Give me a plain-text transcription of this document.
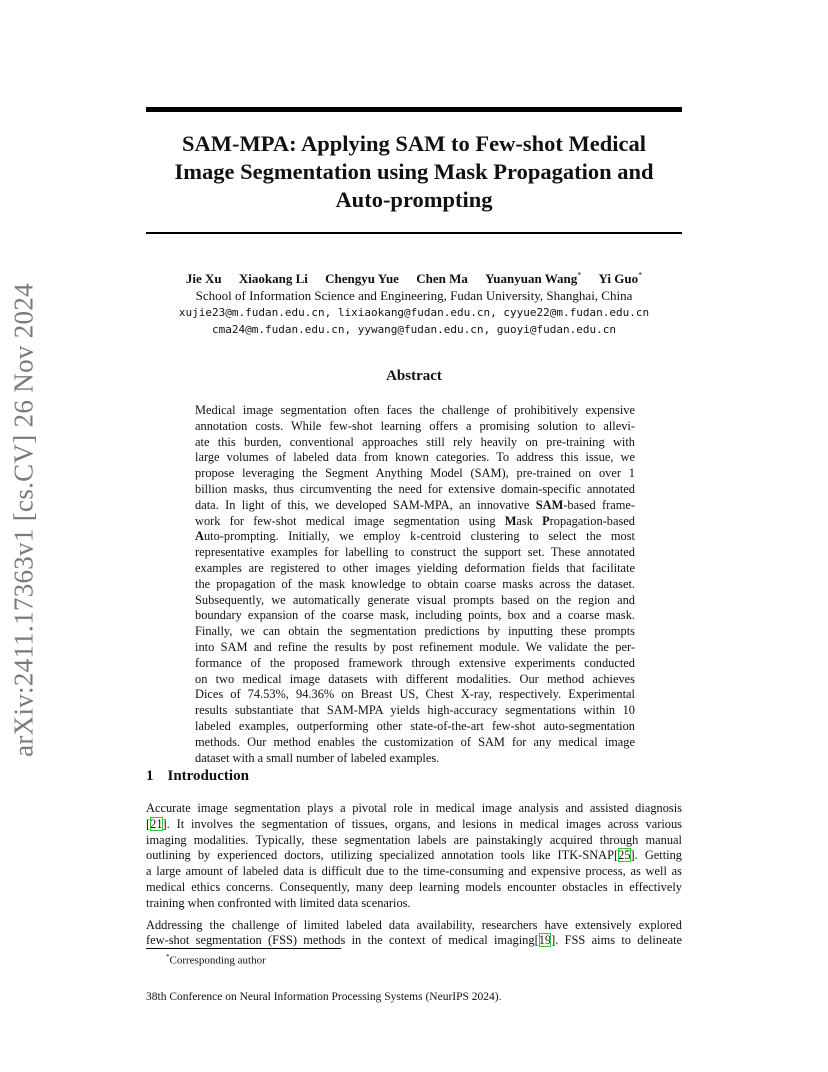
arXiv:2411.17363v1 [cs.CV] 26 Nov 2024
SAM-MPA: Applying SAM to Few-shot Medical
Image Segmentation using Mask Propagation and
Auto-prompting
Jie Xu Xiaokang Li Chengyu Yue Chen Ma Yuanyuan Wang* Yi Guo*
School of Information Science and Engineering, Fudan University, Shanghai, China
xujie23@m.fudan.edu.cn, lixiaokang@fudan.edu.cn, cyyue22@m.fudan.edu.cn
cma24@m.fudan.edu.cn, yywang@fudan.edu.cn, guoyi@fudan.edu.cn
Abstract
Medical image segmentation often faces the challenge of prohibitively expensive
annotation costs. While few-shot learning offers a promising solution to allevi-
ate this burden, conventional approaches still rely heavily on pre-training with
large volumes of labeled data from known categories. To address this issue, we
propose leveraging the Segment Anything Model (SAM), pre-trained on over 1
billion masks, thus circumventing the need for extensive domain-specific annotated
data. In light of this, we developed SAM-MPA, an innovative SAM-based frame-
work for few-shot medical image segmentation using Mask Propagation-based
Auto-prompting. Initially, we employ k-centroid clustering to select the most
representative examples for labelling to construct the support set. These annotated
examples are registered to other images yielding deformation fields that facilitate
the propagation of the mask knowledge to obtain coarse masks across the dataset.
Subsequently, we automatically generate visual prompts based on the region and
boundary expansion of the coarse mask, including points, box and a coarse mask.
Finally, we can obtain the segmentation predictions by inputting these prompts
into SAM and refine the results by post refinement module. We validate the per-
formance of the proposed framework through extensive experiments conducted
on two medical image datasets with different modalities. Our method achieves
Dices of 74.53%, 94.36% on Breast US, Chest X-ray, respectively. Experimental
results substantiate that SAM-MPA yields high-accuracy segmentations within 10
labeled examples, outperforming other state-of-the-art few-shot auto-segmentation
methods. Our method enables the customization of SAM for any medical image
dataset with a small number of labeled examples.
1 Introduction

Accurate image segmentation plays a pivotal role in medical image analysis and assisted diagnosis
[21]. It involves the segmentation of tissues, organs, and lesions in medical images across various
imaging modalities. Typically, these segmentation labels are painstakingly acquired through manual
outlining by experienced doctors, utilizing specialized annotation tools like ITK-SNAP[25]. Getting
a large amount of labeled data is difficult due to the time-consuming and expensive process, as well as
medical ethics concerns. Consequently, many deep learning models encounter obstacles in effectively
training when confronted with limited data scenarios.

Addressing the challenge of limited labeled data availability, researchers have extensively explored
few-shot segmentation (FSS) methods in the context of medical imaging[19]. FSS aims to delineate

*Corresponding author
38th Conference on Neural Information Processing Systems (NeurIPS 2024).
